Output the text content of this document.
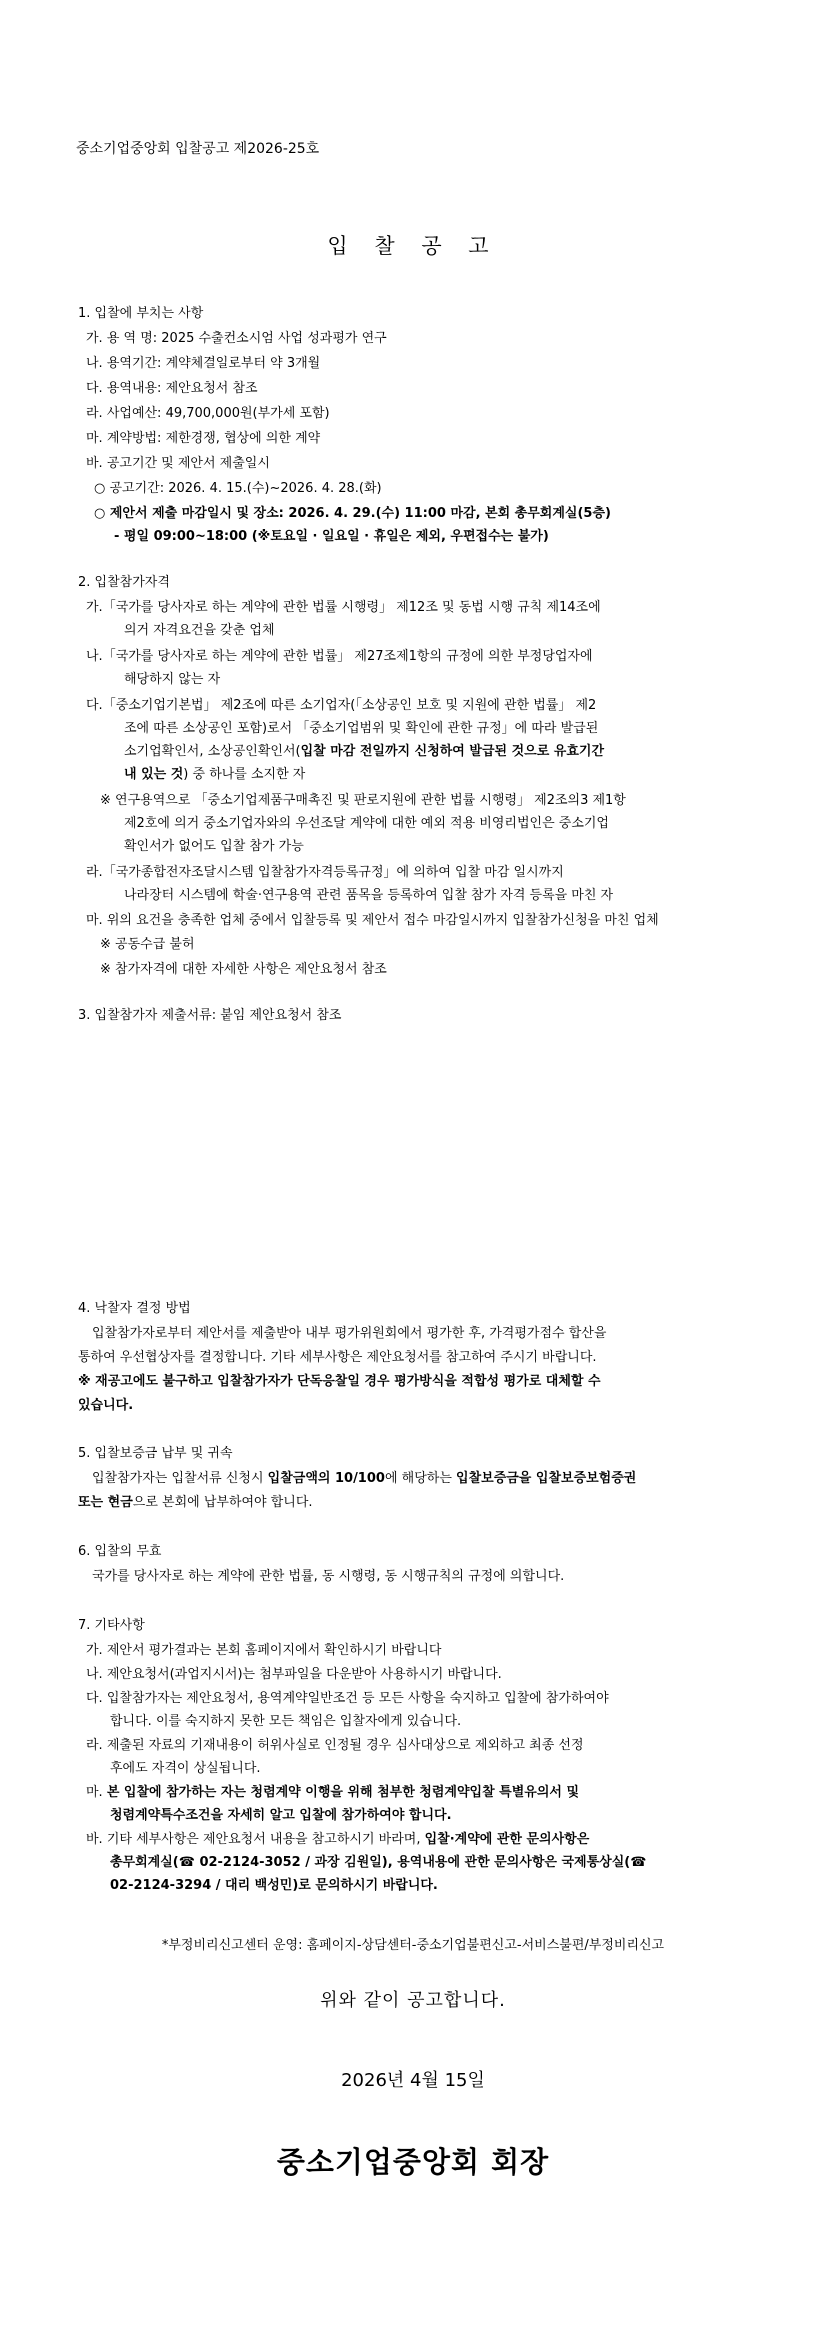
중소기업중앙회 입찰공고 제2026-25호
입 찰 공 고
1. 입찰에 부치는 사항
가. 용 역 명: 2025 수출컨소시엄 사업 성과평가 연구
나. 용역기간: 계약체결일로부터 약 3개월
다. 용역내용: 제안요청서 참조
라. 사업예산: 49,700,000원(부가세 포함)
마. 계약방법: 제한경쟁, 협상에 의한 계약
바. 공고기간 및 제안서 제출일시
○ 공고기간: 2026. 4. 15.(수)~2026. 4. 28.(화)
○ 제안서 제출 마감일시 및 장소: 2026. 4. 29.(수) 11:00 마감, 본회 총무회계실(5층)
- 평일 09:00~18:00 (※토요일 · 일요일 · 휴일은 제외, 우편접수는 불가)
2. 입찰참가자격
가.「국가를 당사자로 하는 계약에 관한 법률 시행령」 제12조 및 동법 시행 규칙 제14조에
의거 자격요건을 갖춘 업체
나.「국가를 당사자로 하는 계약에 관한 법률」 제27조제1항의 규정에 의한 부정당업자에
해당하지 않는 자
다.「중소기업기본법」 제2조에 따른 소기업자(「소상공인 보호 및 지원에 관한 법률」 제2
조에 따른 소상공인 포함)로서 「중소기업범위 및 확인에 관한 규정」에 따라 발급된
소기업확인서, 소상공인확인서(입찰 마감 전일까지 신청하여 발급된 것으로 유효기간
내 있는 것) 중 하나를 소지한 자
※ 연구용역으로 「중소기업제품구매촉진 및 판로지원에 관한 법률 시행령」 제2조의3 제1항
제2호에 의거 중소기업자와의 우선조달 계약에 대한 예외 적용 비영리법인은 중소기업
확인서가 없어도 입찰 참가 가능
라.「국가종합전자조달시스템 입찰참가자격등록규정」에 의하여 입찰 마감 일시까지
나라장터 시스템에 학술·연구용역 관련 품목을 등록하여 입찰 참가 자격 등록을 마친 자
마. 위의 요건을 충족한 업체 중에서 입찰등록 및 제안서 접수 마감일시까지 입찰참가신청을 마친 업체
※ 공동수급 불허
※ 참가자격에 대한 자세한 사항은 제안요청서 참조
3. 입찰참가자 제출서류: 붙임 제안요청서 참조
4. 낙찰자 결정 방법
입찰참가자로부터 제안서를 제출받아 내부 평가위원회에서 평가한 후, 가격평가점수 합산을
통하여 우선협상자를 결정합니다. 기타 세부사항은 제안요청서를 참고하여 주시기 바랍니다.
※ 재공고에도 불구하고 입찰참가자가 단독응찰일 경우 평가방식을 적합성 평가로 대체할 수
있습니다.
5. 입찰보증금 납부 및 귀속
입찰참가자는 입찰서류 신청시 입찰금액의 10/100에 해당하는 입찰보증금을 입찰보증보험증권
또는 현금으로 본회에 납부하여야 합니다.
6. 입찰의 무효
국가를 당사자로 하는 계약에 관한 법률, 동 시행령, 동 시행규칙의 규정에 의합니다.
7. 기타사항
가. 제안서 평가결과는 본회 홈페이지에서 확인하시기 바랍니다
나. 제안요청서(과업지시서)는 첨부파일을 다운받아 사용하시기 바랍니다.
다. 입찰참가자는 제안요청서, 용역계약일반조건 등 모든 사항을 숙지하고 입찰에 참가하여야
합니다. 이를 숙지하지 못한 모든 책임은 입찰자에게 있습니다.
라. 제출된 자료의 기재내용이 허위사실로 인정될 경우 심사대상으로 제외하고 최종 선정
후에도 자격이 상실됩니다.
마. 본 입찰에 참가하는 자는 청렴계약 이행을 위해 첨부한 청렴계약입찰 특별유의서 및
청렴계약특수조건을 자세히 알고 입찰에 참가하여야 합니다.
바. 기타 세부사항은 제안요청서 내용을 참고하시기 바라며, 입찰·계약에 관한 문의사항은
총무회계실(☎ 02-2124-3052 / 과장 김원일), 용역내용에 관한 문의사항은 국제통상실(☎
02-2124-3294 / 대리 백성민)로 문의하시기 바랍니다.
*부정비리신고센터 운영: 홈페이지-상담센터-중소기업불편신고-서비스불편/부정비리신고
위와 같이 공고합니다.
2026년 4월 15일
중소기업중앙회 회장
